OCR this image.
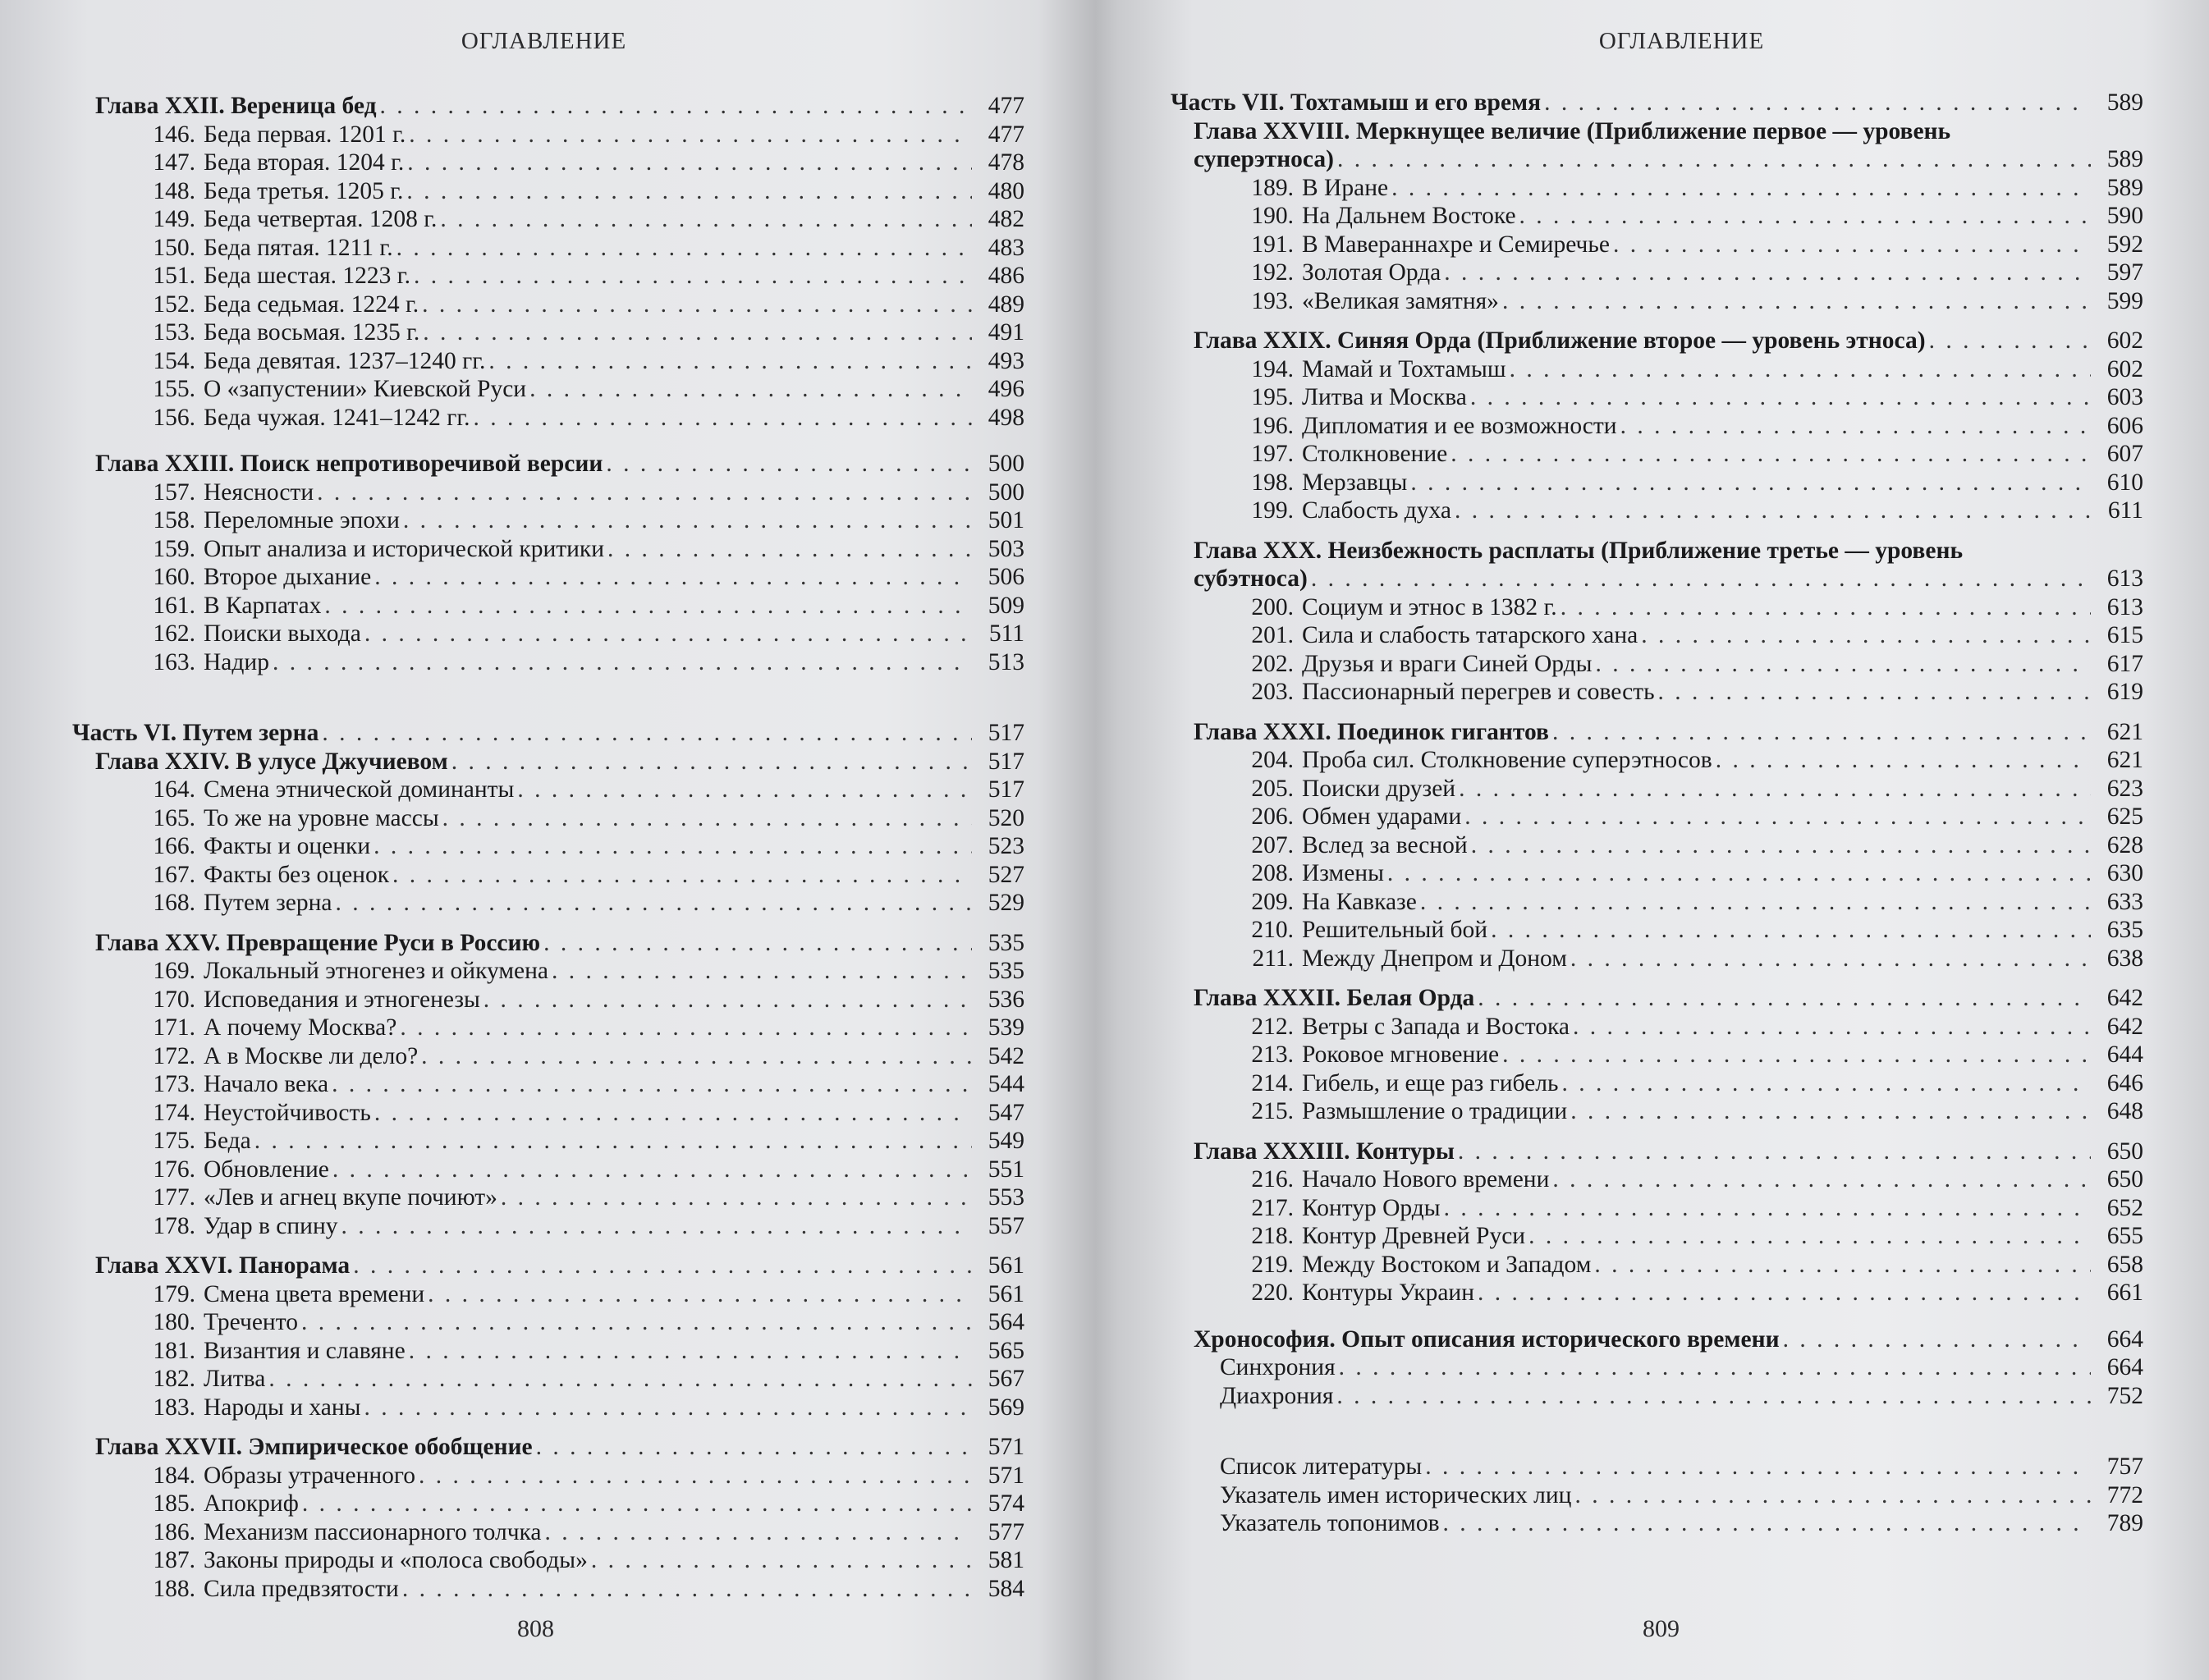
ОГЛАВЛЕНИЕ
Глава XXII. Вереница бед . . .	477
146. Беда первая. 1201 г. . . .	477
147. Беда вторая. 1204 г. . . .	478
148. Беда третья. 1205 г. . . .	480
149. Беда четвертая. 1208 г. . . .	482
150. Беда пятая. 1211 г. . . .	483
151. Беда шестая. 1223 г. . . .	486
152. Беда седьмая. 1224 г. . . .	489
153. Беда восьмая. 1235 г. . . .	491
154. Беда девятая. 1237–1240 гг. . . .	493
155. О «запустении» Киевской Руси . . .	496
156. Беда чужая. 1241–1242 гг. . . .	498
Глава XXIII. Поиск непротиворечивой версии . . .	500
157. Неясности . . .	500
158. Переломные эпохи . . .	501
159. Опыт анализа и исторической критики . . .	503
160. Второе дыхание . . .	506
161. В Карпатах . . .	509
162. Поиски выхода . . .	511
163. Надир . . .	513
Часть VI. Путем зерна . . .	517
Глава XXIV. В улусе Джучиевом . . .	517
164. Смена этнической доминанты . . .	517
165. То же на уровне массы . . .	520
166. Факты и оценки . . .	523
167. Факты без оценок . . .	527
168. Путем зерна . . .	529
Глава XXV. Превращение Руси в Россию . . .	535
169. Локальный этногенез и ойкумена . . .	535
170. Исповедания и этногенезы . . .	536
171. А почему Москва? . . .	539
172. А в Москве ли дело? . . .	542
173. Начало века . . .	544
174. Неустойчивость . . .	547
175. Беда . . .	549
176. Обновление . . .	551
177. «Лев и агнец вкупе почиют» . . .	553
178. Удар в спину . . .	557
Глава XXVI. Панорама . . .	561
179. Смена цвета времени . . .	561
180. Треченто . . .	564
181. Византия и славяне . . .	565
182. Литва . . .	567
183. Народы и ханы . . .	569
Глава XXVII. Эмпирическое обобщение . . .	571
184. Образы утраченного . . .	571
185. Апокриф . . .	574
186. Механизм пассионарного толчка . . .	577
187. Законы природы и «полоса свободы» . . .	581
188. Сила предвзятости . . .	584
808
ОГЛАВЛЕНИЕ
Часть VII. Тохтамыш и его время . . .	589
Глава XXVIII. Меркнущее величие (Приближение первое — уровень
суперэтноса) . . .	589
189. В Иране . . .	589
190. На Дальнем Востоке . . .	590
191. В Мавераннахре и Семиречье . . .	592
192. Золотая Орда . . .	597
193. «Великая замятня» . . .	599
Глава XXIX. Синяя Орда (Приближение второе — уровень этноса) . . .	602
194. Мамай и Тохтамыш . . .	602
195. Литва и Москва . . .	603
196. Дипломатия и ее возможности . . .	606
197. Столкновение . . .	607
198. Мерзавцы . . .	610
199. Слабость духа . . .	611
Глава XXX. Неизбежность расплаты (Приближение третье — уровень
субэтноса) . . .	613
200. Социум и этнос в 1382 г. . . .	613
201. Сила и слабость татарского хана . . .	615
202. Друзья и враги Синей Орды . . .	617
203. Пассионарный перегрев и совесть . . .	619
Глава XXXI. Поединок гигантов . . .	621
204. Проба сил. Столкновение суперэтносов . . .	621
205. Поиски друзей . . .	623
206. Обмен ударами . . .	625
207. Вслед за весной . . .	628
208. Измены . . .	630
209. На Кавказе . . .	633
210. Решительный бой . . .	635
211. Между Днепром и Доном . . .	638
Глава XXXII. Белая Орда . . .	642
212. Ветры с Запада и Востока . . .	642
213. Роковое мгновение . . .	644
214. Гибель, и еще раз гибель . . .	646
215. Размышление о традиции . . .	648
Глава XXXIII. Контуры . . .	650
216. Начало Нового времени . . .	650
217. Контур Орды . . .	652
218. Контур Древней Руси . . .	655
219. Между Востоком и Западом . . .	658
220. Контуры Украин . . .	661
Хронософия. Опыт описания исторического времени . . .	664
Синхрония . . .	664
Диахрония . . .	752
Список литературы . . .	757
Указатель имен исторических лиц . . .	772
Указатель топонимов . . .	789
809
